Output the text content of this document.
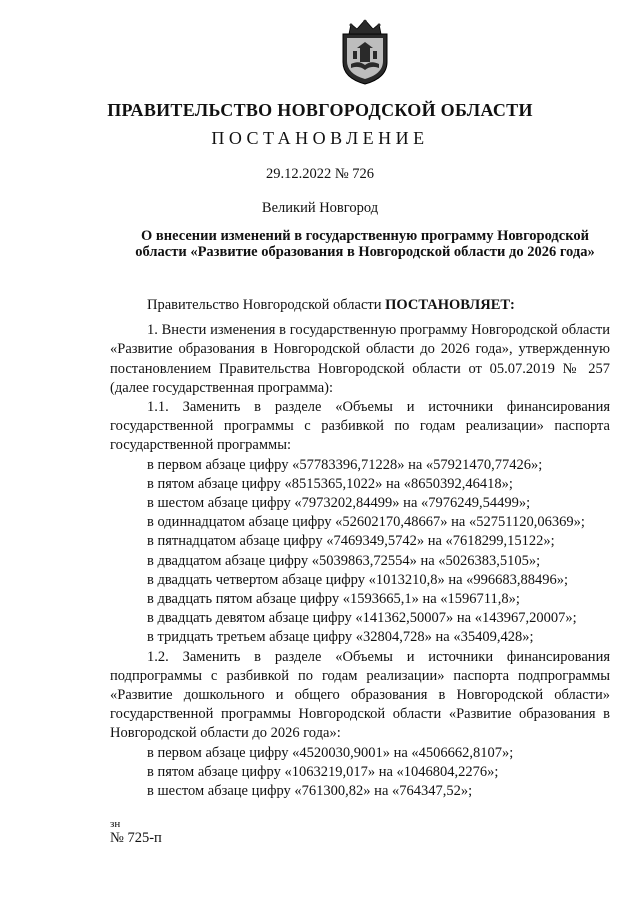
ПРАВИТЕЛЬСТВО НОВГОРОДСКОЙ ОБЛАСТИ
ПОСТАНОВЛЕНИЕ
29.12.2022 № 726
Великий Новгород
О внесении изменений в государственную программу Новгородской области «Развитие образования в Новгородской области до 2026 года»

Правительство Новгородской области ПОСТАНОВЛЯЕТ:

1. Внести изменения в государственную программу Новгородской области «Развитие образования в Новгородской области до 2026 года», утвержденную постановлением Правительства Новгородской области от 05.07.2019 № 257 (далее государственная программа):

1.1. Заменить в разделе «Объемы и источники финансирования государственной программы с разбивкой по годам реализации» паспорта государственной программы:

в первом абзаце цифру «57783396,71228» на «57921470,77426»;

в пятом абзаце цифру «8515365,1022» на «8650392,46418»;

в шестом абзаце цифру «7973202,84499» на «7976249,54499»;

в одиннадцатом абзаце цифру «52602170,48667» на «52751120,06369»;

в пятнадцатом абзаце цифру «7469349,5742» на «7618299,15122»;

в двадцатом абзаце цифру «5039863,72554» на «5026383,5105»;

в двадцать четвертом абзаце цифру «1013210,8» на «996683,88496»;

в двадцать пятом абзаце цифру «1593665,1» на «1596711,8»;

в двадцать девятом абзаце цифру «141362,50007» на «143967,20007»;

в тридцать третьем абзаце цифру «32804,728» на «35409,428»;

1.2. Заменить в разделе «Объемы и источники финансирования подпрограммы с разбивкой по годам реализации» паспорта подпрограммы «Развитие дошкольного и общего образования в Новгородской области» государственной программы Новгородской области «Развитие образования в Новгородской области до 2026 года»:

в первом абзаце цифру «4520030,9001» на «4506662,8107»;

в пятом абзаце цифру «1063219,017» на «1046804,2276»;

в шестом абзаце цифру «761300,82» на «764347,52»;

зн
№ 725-п
